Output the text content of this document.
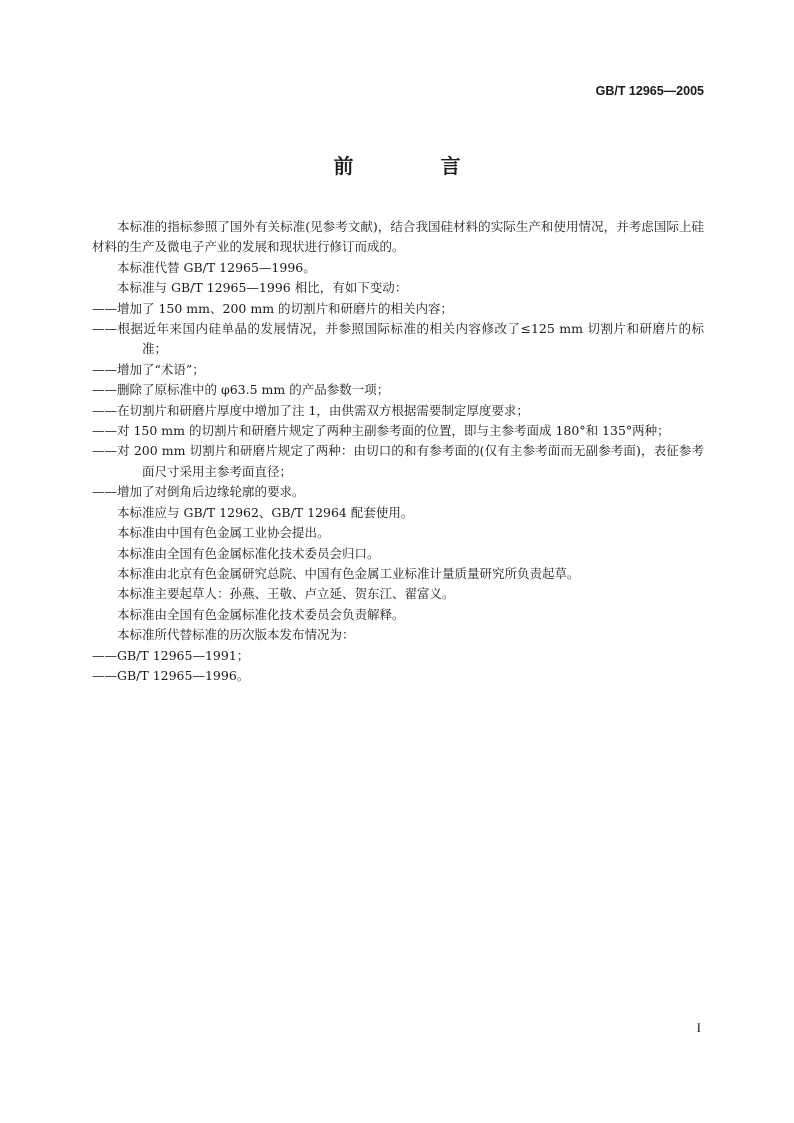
GB/T 12965—2005
前 言
本标准的指标参照了国外有关标准(见参考文献)，结合我国硅材料的实际生产和使用情况，并考虑国际上硅材料的生产及微电子产业的发展和现状进行修订而成的。
本标准代替 GB/T 12965—1996。
本标准与 GB/T 12965—1996 相比，有如下变动：
——增加了 150 mm、200 mm 的切割片和研磨片的相关内容；
——根据近年来国内硅单晶的发展情况，并参照国际标准的相关内容修改了≤125 mm 切割片和研磨片的标准；
——增加了“术语”；
——删除了原标准中的 φ63.5 mm 的产品参数一项；
——在切割片和研磨片厚度中增加了注 1，由供需双方根据需要制定厚度要求；
——对 150 mm 的切割片和研磨片规定了两种主副参考面的位置，即与主参考面成 180°和 135°两种；
——对 200 mm 切割片和研磨片规定了两种：由切口的和有参考面的(仅有主参考面而无副参考面)，表征参考面尺寸采用主参考面直径；
——增加了对倒角后边缘轮廓的要求。
本标准应与 GB/T 12962、GB/T 12964 配套使用。
本标准由中国有色金属工业协会提出。
本标准由全国有色金属标准化技术委员会归口。
本标准由北京有色金属研究总院、中国有色金属工业标准计量质量研究所负责起草。
本标准主要起草人：孙燕、王敬、卢立延、贺东江、翟富义。
本标准由全国有色金属标准化技术委员会负责解释。
本标准所代替标准的历次版本发布情况为：
——GB/T 12965—1991；
——GB/T 12965—1996。
I
